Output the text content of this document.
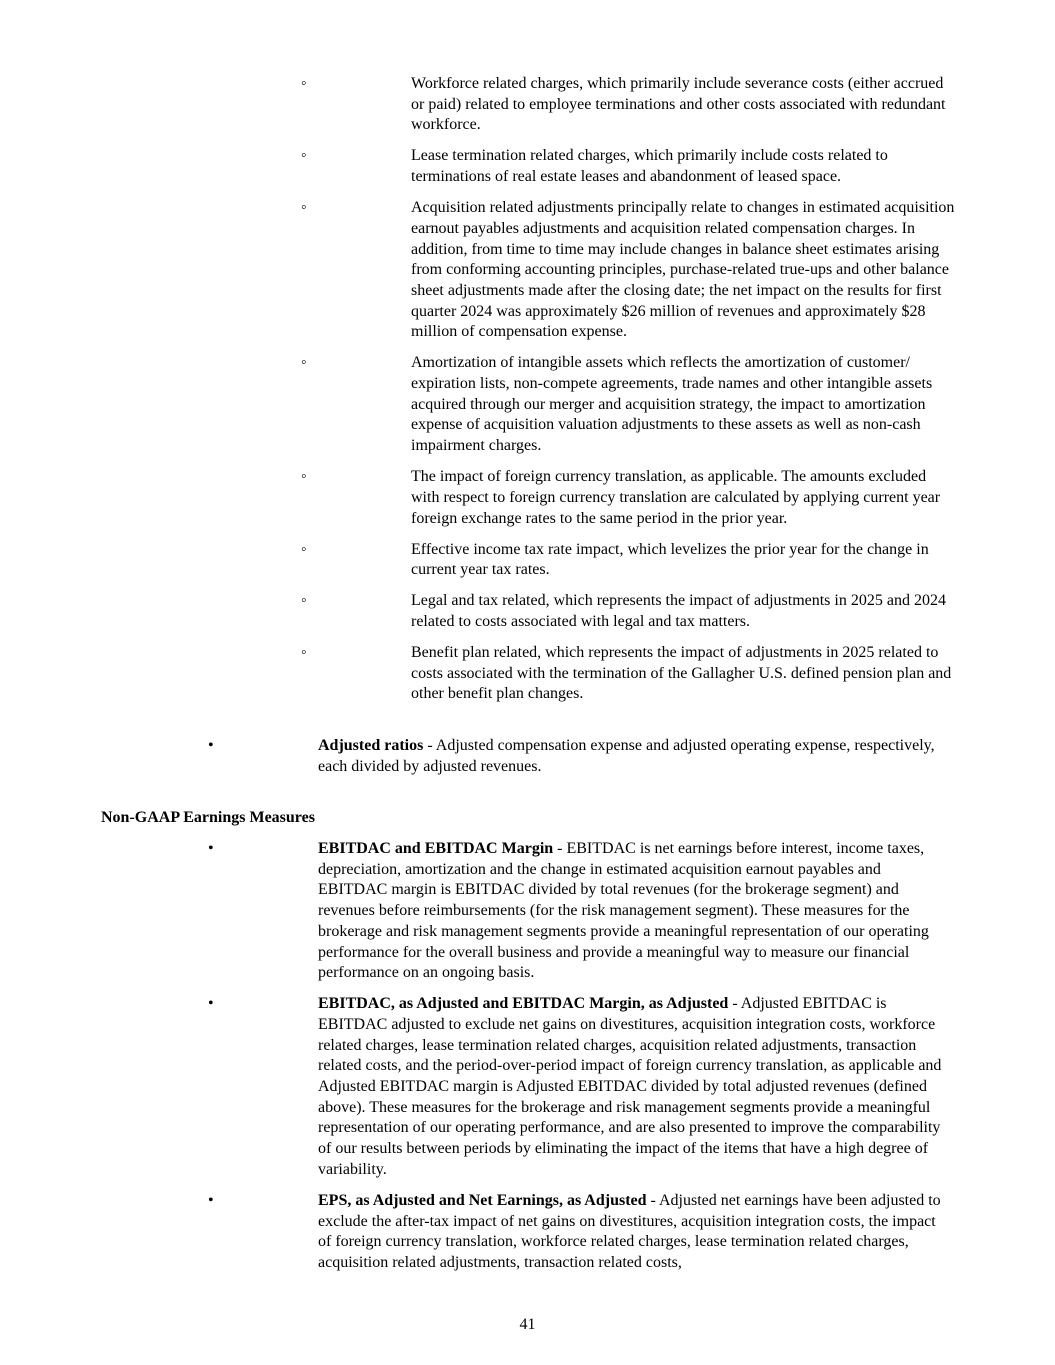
◦	Workforce related charges, which primarily include severance costs (either accrued or paid) related to employee terminations and other costs associated with redundant workforce.
◦	Lease termination related charges, which primarily include costs related to terminations of real estate leases and abandonment of leased space.
◦	Acquisition related adjustments principally relate to changes in estimated acquisition earnout payables adjustments and acquisition related compensation charges. In addition, from time to time may include changes in balance sheet estimates arising from conforming accounting principles, purchase-related true-ups and other balance sheet adjustments made after the closing date; the net impact on the results for first quarter 2024 was approximately $26 million of revenues and approximately $28 million of compensation expense.
◦	Amortization of intangible assets which reflects the amortization of customer/ expiration lists, non-compete agreements, trade names and other intangible assets acquired through our merger and acquisition strategy, the impact to amortization expense of acquisition valuation adjustments to these assets as well as non-cash impairment charges.
◦	The impact of foreign currency translation, as applicable. The amounts excluded with respect to foreign currency translation are calculated by applying current year foreign exchange rates to the same period in the prior year.
◦	Effective income tax rate impact, which levelizes the prior year for the change in current year tax rates.
◦	Legal and tax related, which represents the impact of adjustments in 2025 and 2024 related to costs associated with legal and tax matters.
◦	Benefit plan related, which represents the impact of adjustments in 2025 related to costs associated with the termination of the Gallagher U.S. defined pension plan and other benefit plan changes.
•	Adjusted ratios - Adjusted compensation expense and adjusted operating expense, respectively, each divided by adjusted revenues.

Non-GAAP Earnings Measures

•	EBITDAC and EBITDAC Margin - EBITDAC is net earnings before interest, income taxes, depreciation, amortization and the change in estimated acquisition earnout payables and EBITDAC margin is EBITDAC divided by total revenues (for the brokerage segment) and revenues before reimbursements (for the risk management segment). These measures for the brokerage and risk management segments provide a meaningful representation of our operating performance for the overall business and provide a meaningful way to measure our financial performance on an ongoing basis.
•	EBITDAC, as Adjusted and EBITDAC Margin, as Adjusted - Adjusted EBITDAC is EBITDAC adjusted to exclude net gains on divestitures, acquisition integration costs, workforce related charges, lease termination related charges, acquisition related adjustments, transaction related costs, and the period-over-period impact of foreign currency translation, as applicable and Adjusted EBITDAC margin is Adjusted EBITDAC divided by total adjusted revenues (defined above). These measures for the brokerage and risk management segments provide a meaningful representation of our operating performance, and are also presented to improve the comparability of our results between periods by eliminating the impact of the items that have a high degree of variability.
•	EPS, as Adjusted and Net Earnings, as Adjusted - Adjusted net earnings have been adjusted to exclude the after-tax impact of net gains on divestitures, acquisition integration costs, the impact of foreign currency translation, workforce related charges, lease termination related charges, acquisition related adjustments, transaction related costs,
41
